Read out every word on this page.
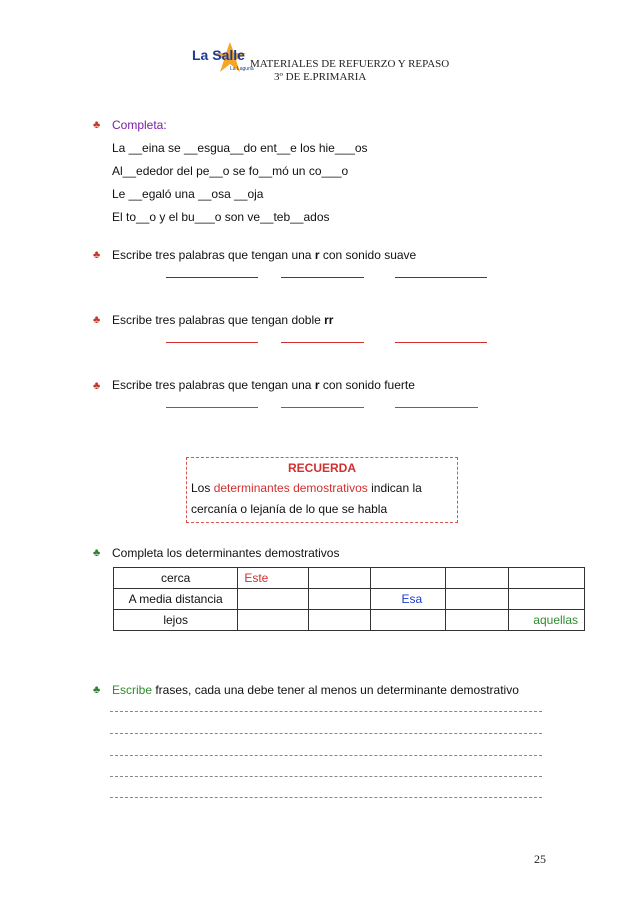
La Salle
La Laguna
MATERIALES DE REFUERZO Y REPASO
3º DE E.PRIMARIA
♣ Completa:
La __eina se __esgua__do ent__e los hie___os
Al__ededor del pe__o se fo__mó un co___o
Le __egaló una __osa __oja
El to__o y el bu___o son ve__teb__ados
♣ Escribe tres palabras que tengan una r con sonido suave
♣ Escribe tres palabras que tengan doble rr
♣ Escribe tres palabras que tengan una r con sonido fuerte
RECUERDA
Los determinantes demostrativos indican la
cercanía o lejanía de lo que se habla
♣ Completa los determinantes demostrativos
cerca	Este				
A media distancia			Esa		
lejos					aquellas
♣ Escribe frases, cada una debe tener al menos un determinante demostrativo
25
